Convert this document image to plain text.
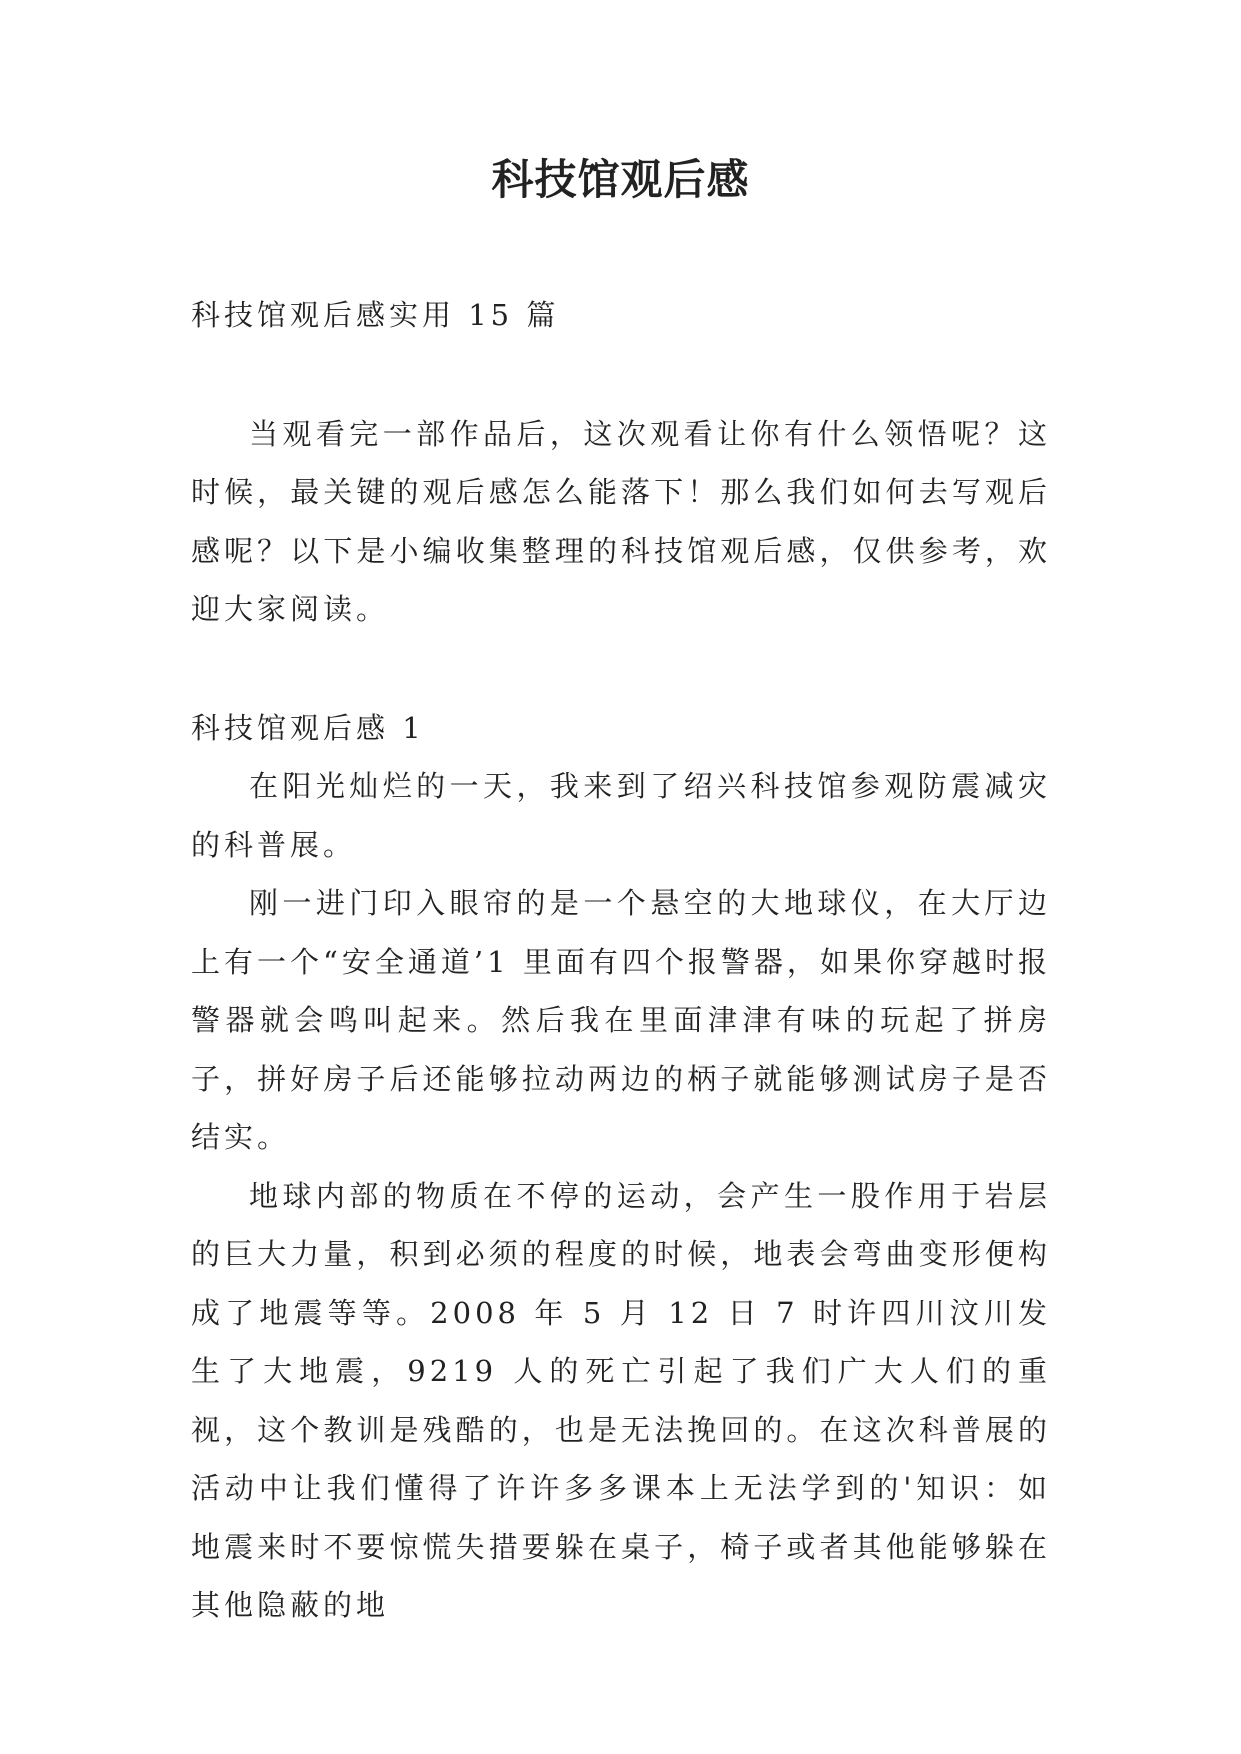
科技馆观后感

科技馆观后感实用 15 篇

当观看完一部作品后，这次观看让你有什么领悟呢？这时候，最关键的观后感怎么能落下！那么我们如何去写观后感呢？以下是小编收集整理的科技馆观后感，仅供参考，欢迎大家阅读。

科技馆观后感 1

在阳光灿烂的一天，我来到了绍兴科技馆参观防震减灾的科普展。

刚一进门印入眼帘的是一个悬空的大地球仪，在大厅边上有一个“安全通道’1 里面有四个报警器，如果你穿越时报警器就会鸣叫起来。然后我在里面津津有味的玩起了拼房子，拼好房子后还能够拉动两边的柄子就能够测试房子是否结实。

地球内部的物质在不停的运动，会产生一股作用于岩层的巨大力量，积到必须的程度的时候，地表会弯曲变形便构成了地震等等。2008 年 5 月 12 日 7 时许四川汶川发生了大地震，9219 人的死亡引起了我们广大人们的重视，这个教训是残酷的，也是无法挽回的。在这次科普展的活动中让我们懂得了许许多多课本上无法学到的'知识：如地震来时不要惊慌失措要躲在桌子，椅子或者其他能够躲在其他隐蔽的地
